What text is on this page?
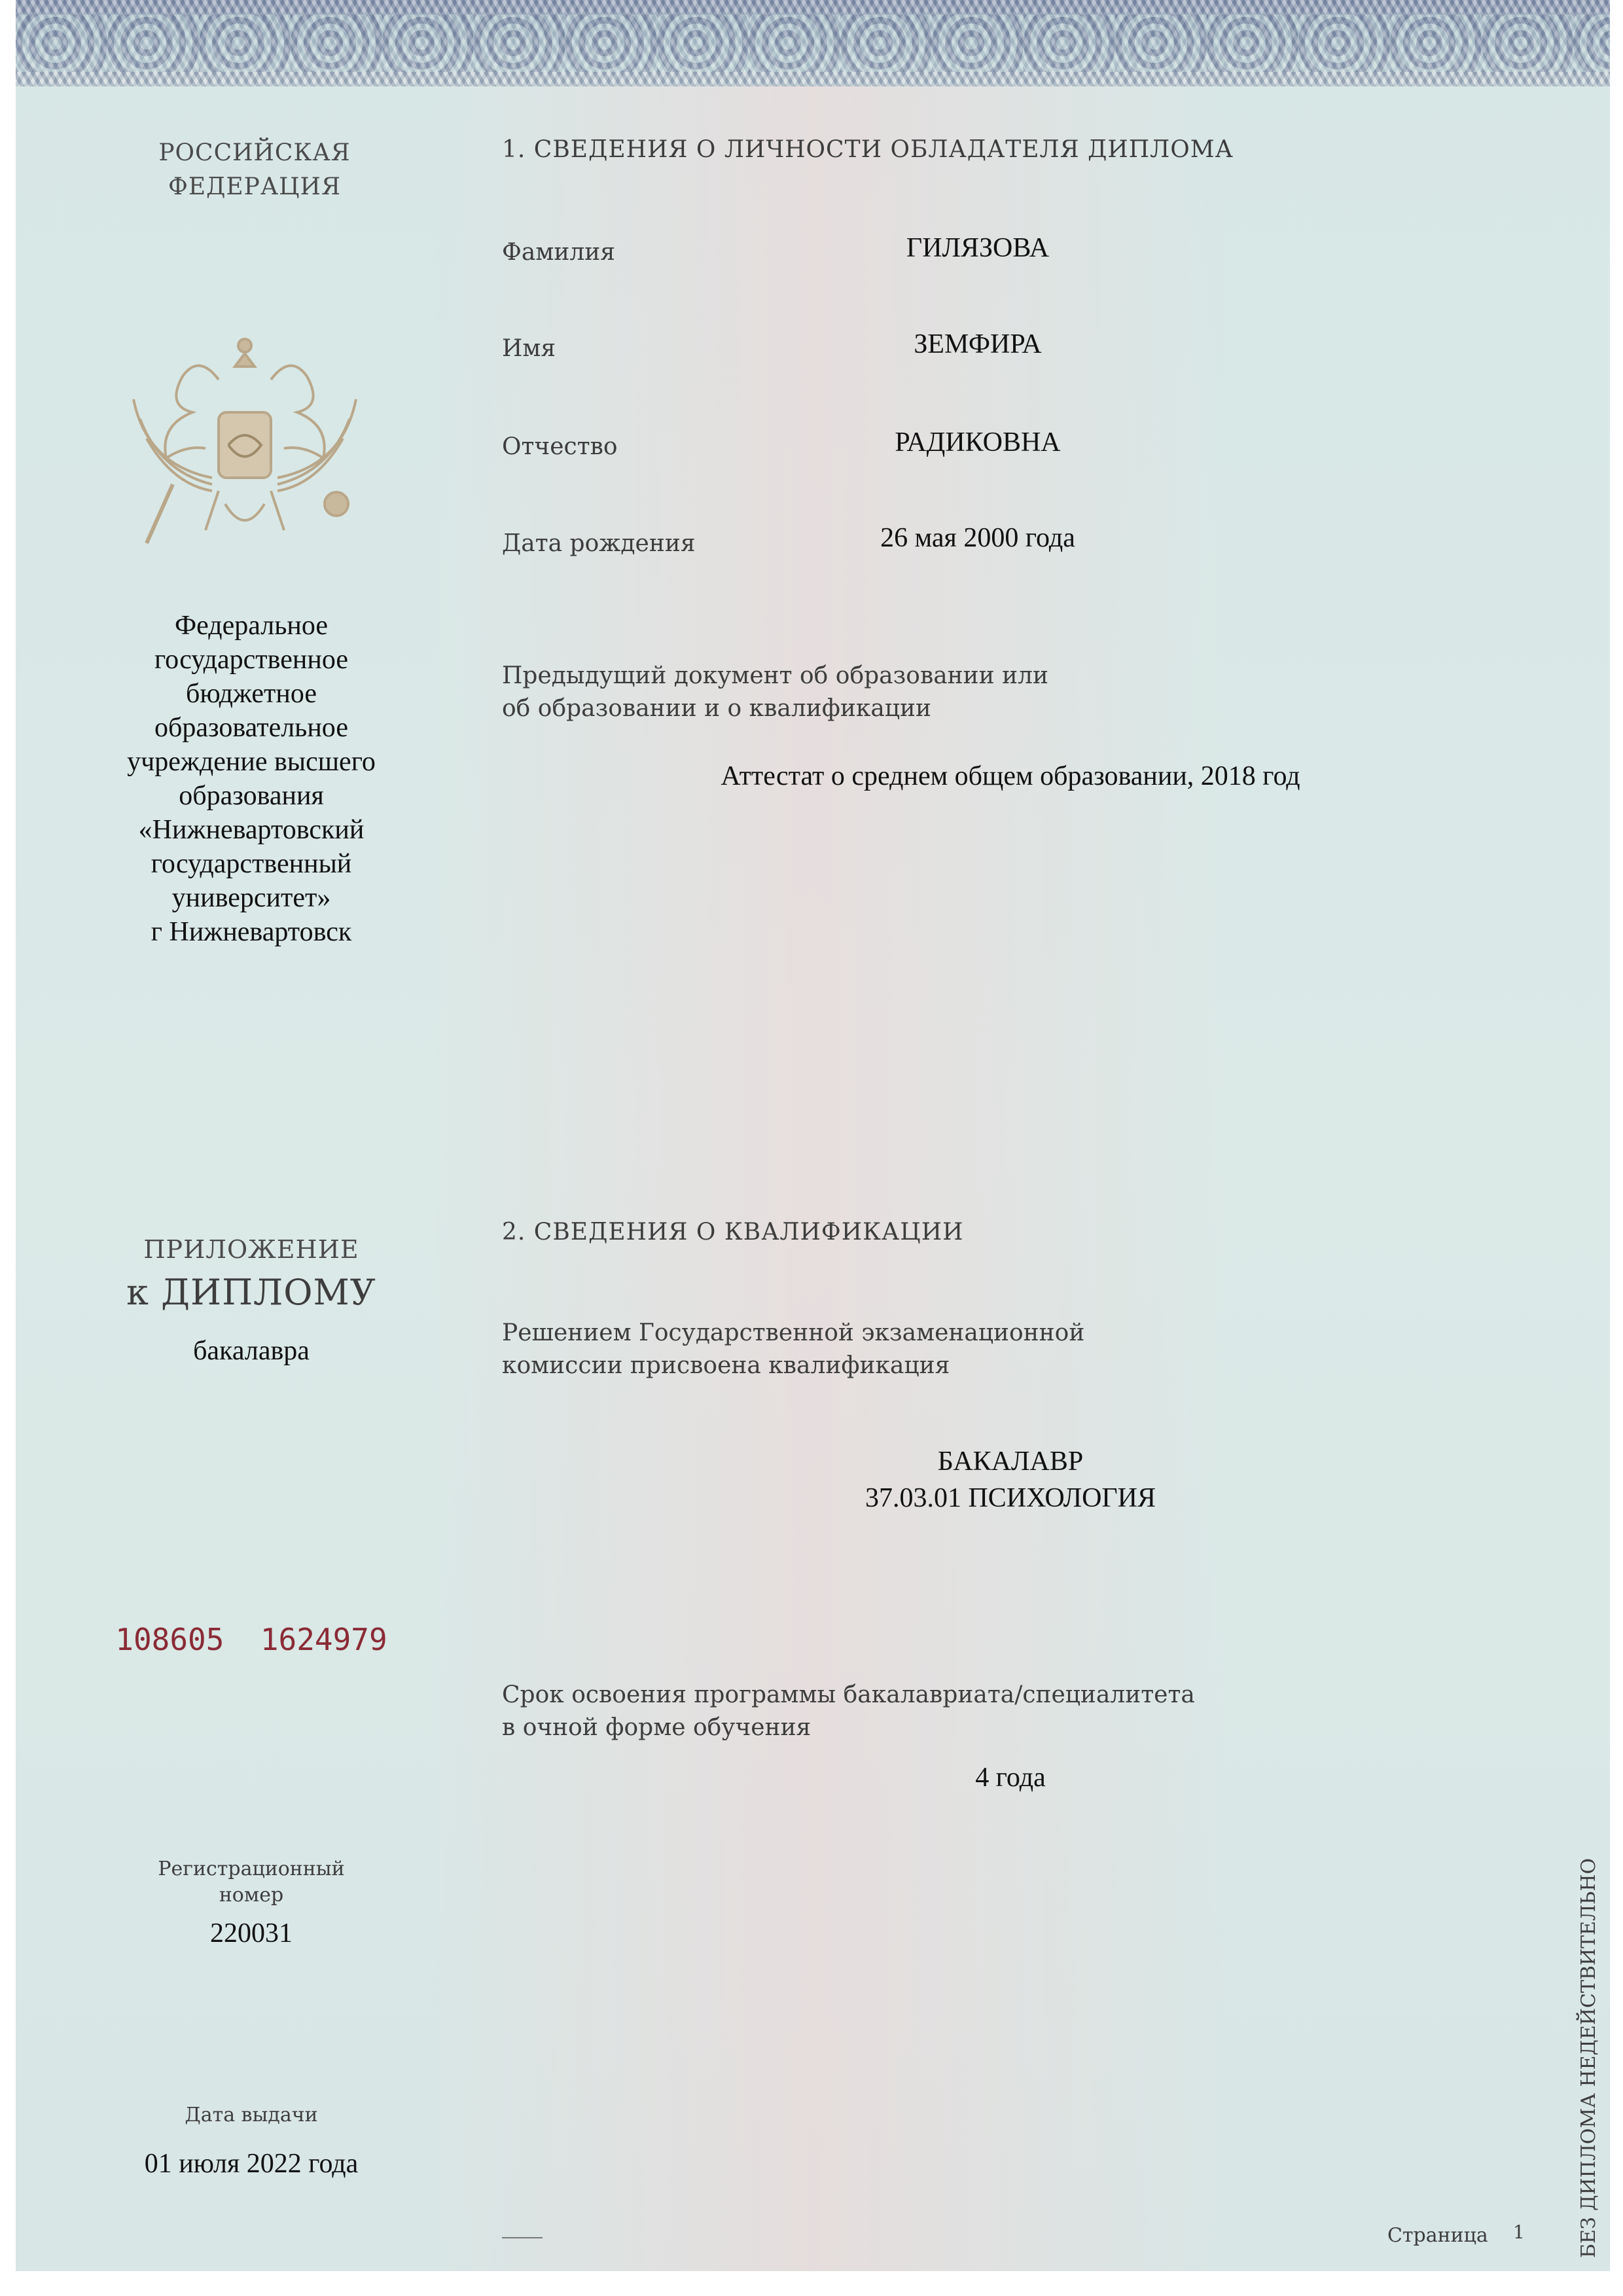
РОССИЙСКАЯ
ФЕДЕРАЦИЯ
Федеральное
государственное
бюджетное
образовательное
учреждение высшего
образования
«Нижневартовский
государственный
университет»
г Нижневартовск
ПРИЛОЖЕНИЕ
к ДИПЛОМУ
бакалавра
108605  1624979
Регистрационный
номер
220031
Дата выдачи
01 июля 2022 года
1. СВЕДЕНИЯ О ЛИЧНОСТИ ОБЛАДАТЕЛЯ ДИПЛОМА
Фамилия	ГИЛЯЗОВА
Имя	ЗЕМФИРА
Отчество	РАДИКОВНА
Дата рождения	26 мая 2000 года
Предыдущий документ об образовании или
об образовании и о квалификации
Аттестат о среднем общем образовании, 2018 год
2. СВЕДЕНИЯ О КВАЛИФИКАЦИИ
Решением Государственной экзаменационной
комиссии присвоена квалификация
БАКАЛАВР
37.03.01 ПСИХОЛОГИЯ
Срок освоения программы бакалавриата/специалитета
в очной форме обучения
4 года
Страница 1	БЕЗ ДИПЛОМА НЕДЕЙСТВИТЕЛЬНО
